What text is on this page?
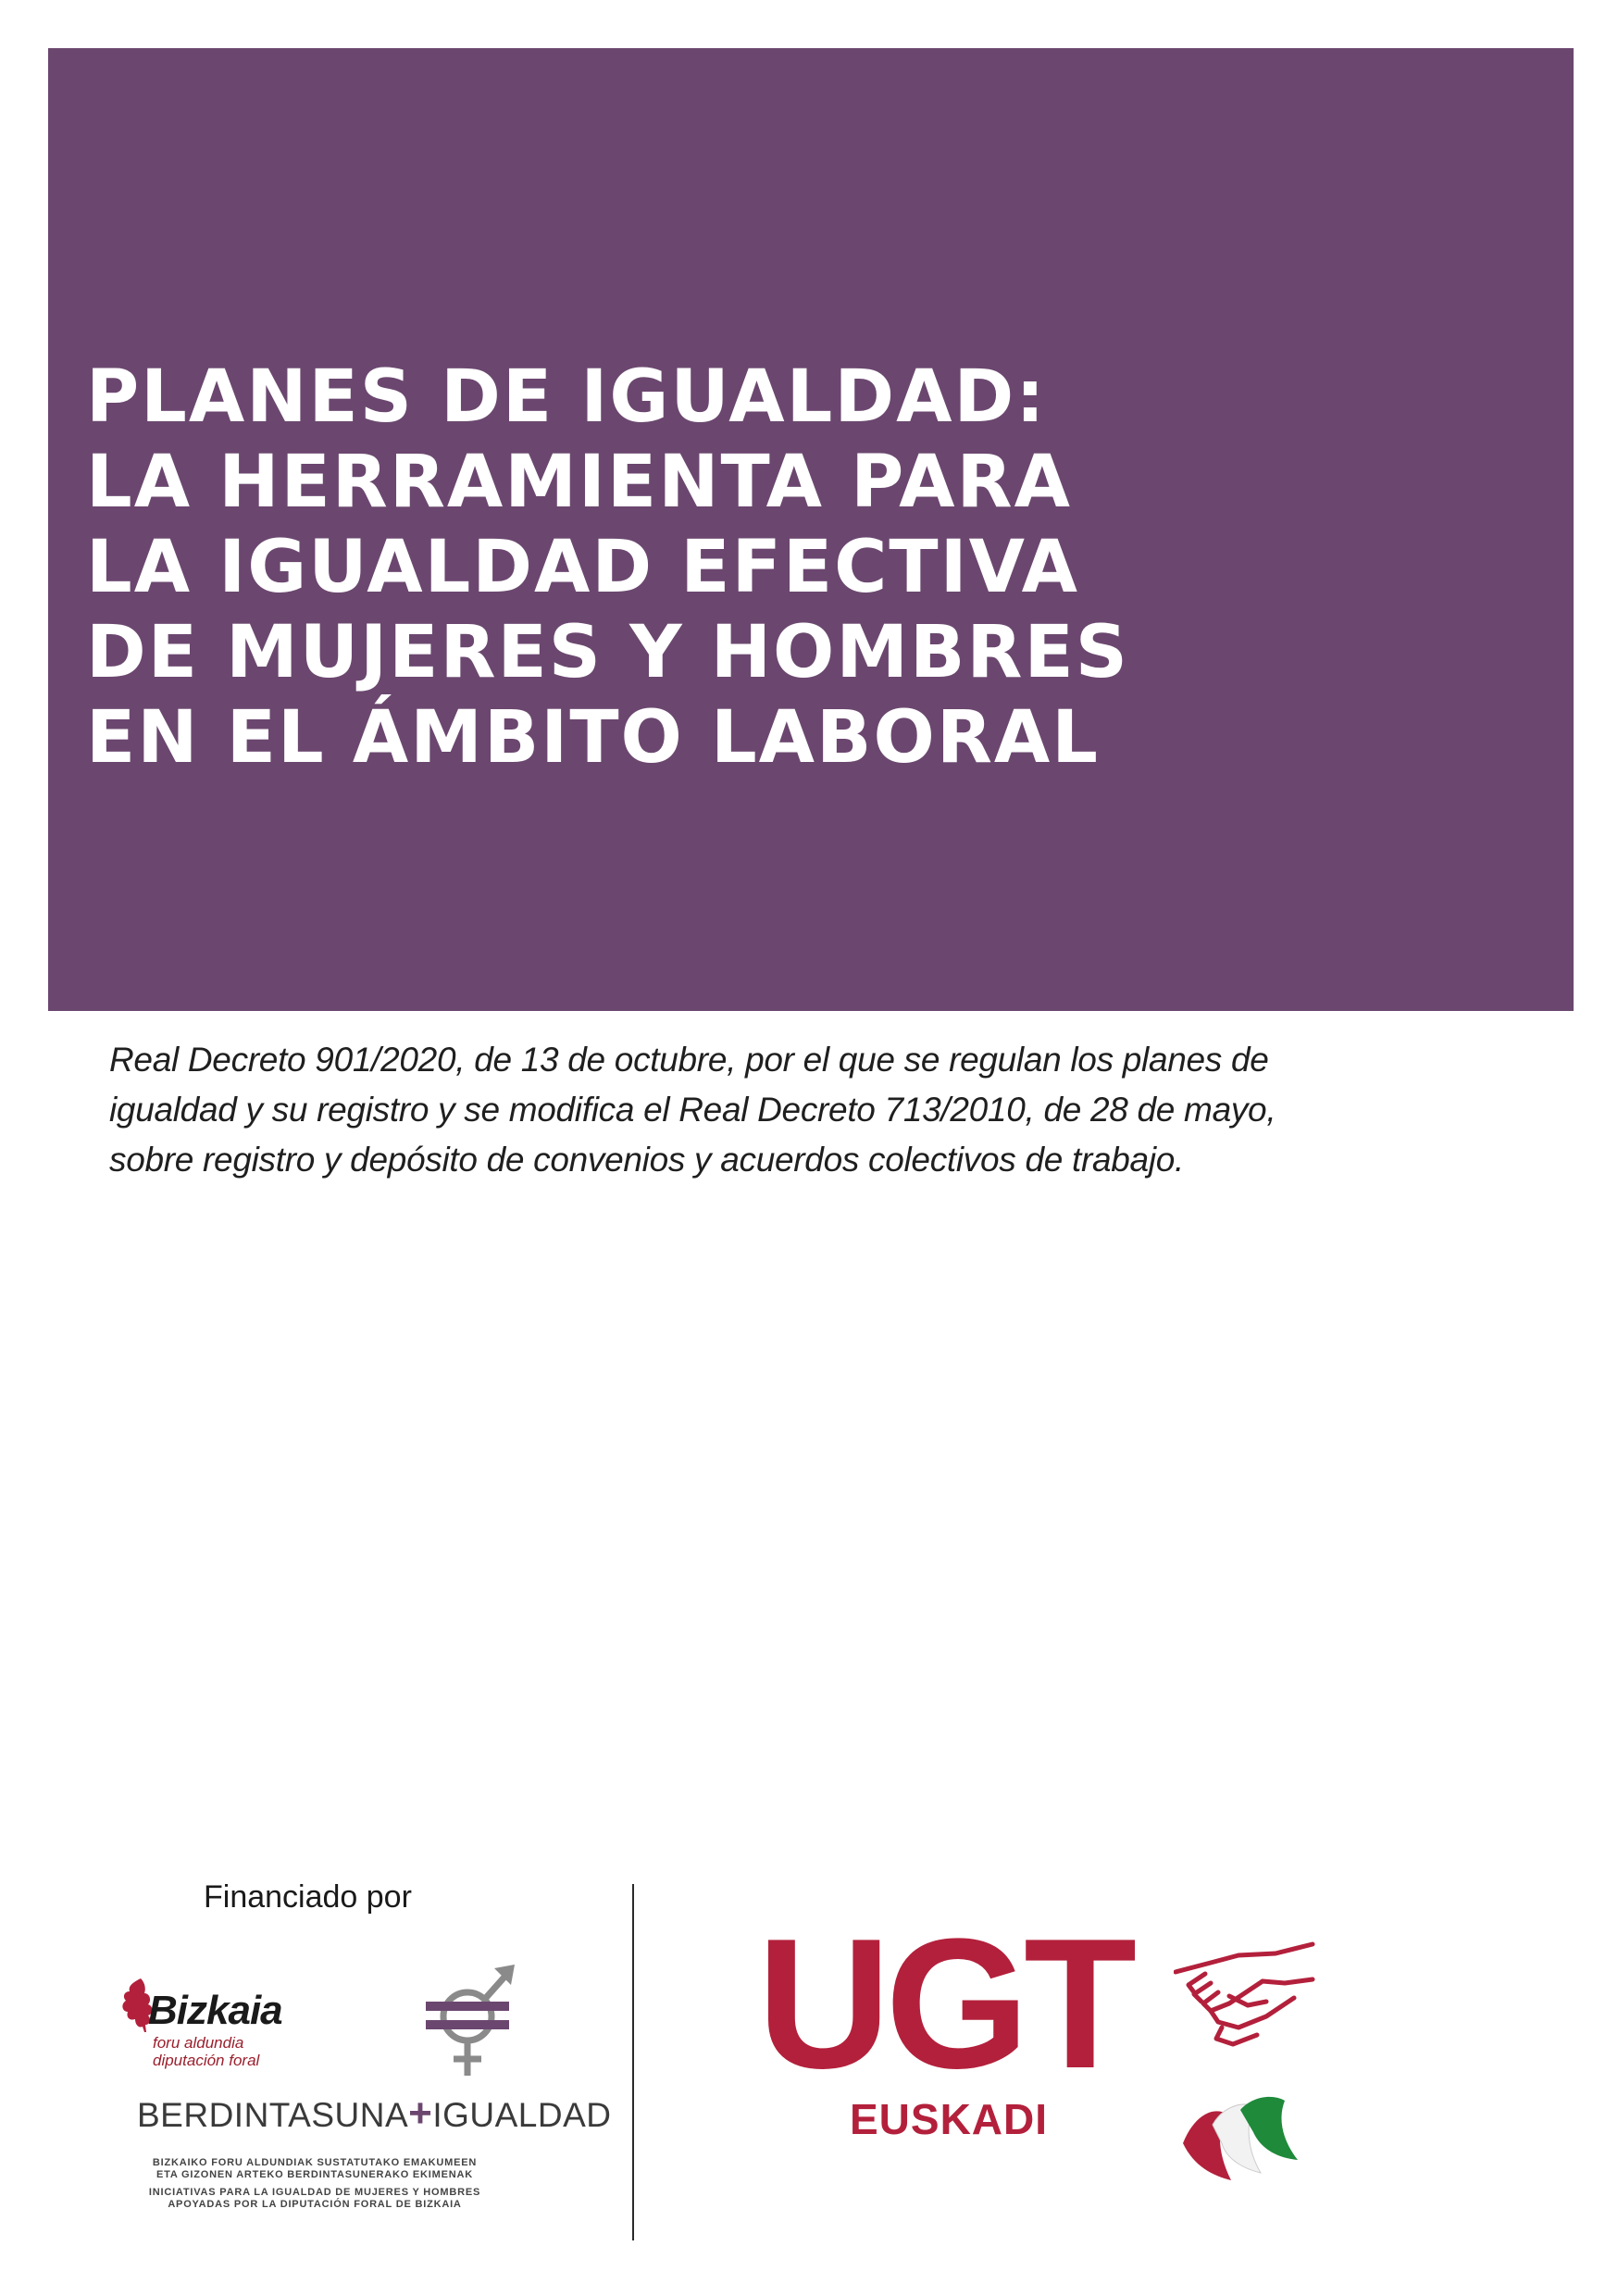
PLANES DE IGUALDAD:
LA HERRAMIENTA PARA
LA IGUALDAD EFECTIVA
DE MUJERES Y HOMBRES
EN EL ÁMBITO LABORAL
Real Decreto 901/2020, de 13 de octubre, por el que se regulan los planes de
igualdad y su registro y se modifica el Real Decreto 713/2010, de 28 de mayo,
sobre registro y depósito de convenios y acuerdos colectivos de trabajo.
Financiado por
Bizkaia
foru aldundia
diputación foral
BERDINTASUNA+IGUALDAD
BIZKAIKO FORU ALDUNDIAK SUSTATUTAKO EMAKUMEEN
ETA GIZONEN ARTEKO BERDINTASUNERAKO EKIMENAK
INICIATIVAS PARA LA IGUALDAD DE MUJERES Y HOMBRES
APOYADAS POR LA DIPUTACIÓN FORAL DE BIZKAIA
UGT
EUSKADI
